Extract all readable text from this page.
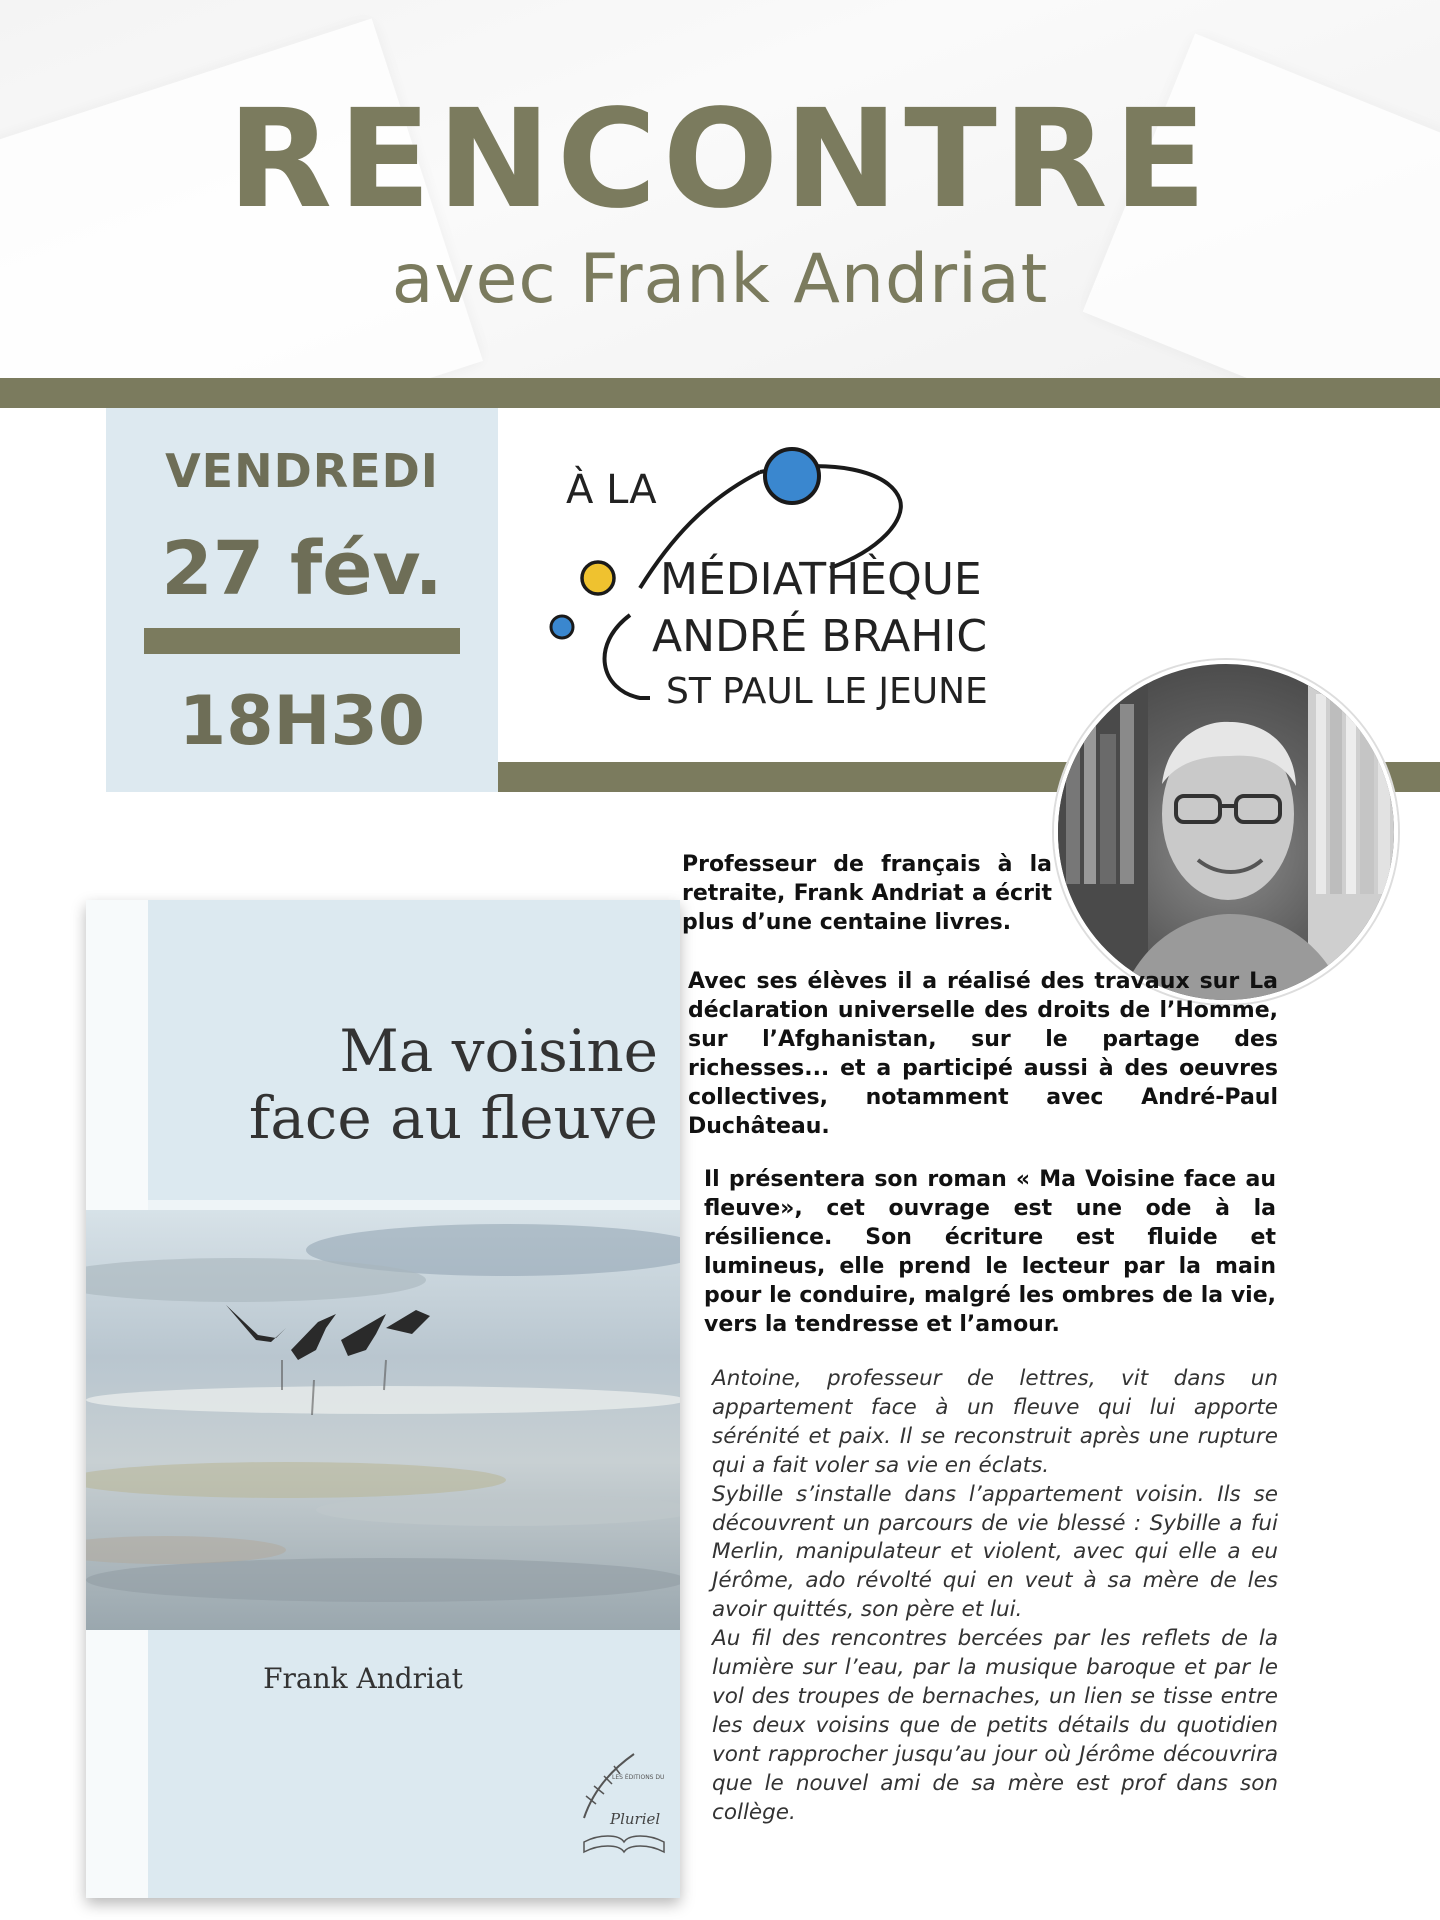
RENCONTRE
avec Frank Andriat
VENDREDI
27 fév.
18H30
À LA
MÉDIATHÈQUE
ANDRÉ BRAHIC
ST PAUL LE JEUNE
Ma voisine
face au fleuve
Frank Andriat
LES ÉDITIONS DU
Pluriel

Professeur de français à la retraite, Frank Andriat a écrit plus d’une centaine livres.

Avec ses élèves il a réalisé des travaux sur La déclaration universelle des droits de l’Homme, sur l’Afghanistan, sur le partage des richesses... et a participé aussi à des oeuvres collectives, notamment avec André-Paul Duchâteau.

Il présentera son roman « Ma Voisine face au fleuve», cet ouvrage est une ode à la résilience. Son écriture est fluide et lumineus, elle prend le lecteur par la main pour le conduire, malgré les ombres de la vie, vers la tendresse et l’amour.

Antoine, professeur de lettres, vit dans un appartement face à un fleuve qui lui apporte sérénité et paix. Il se reconstruit après une rupture qui a fait voler sa vie en éclats.
Sybille s’installe dans l’appartement voisin. Ils se découvrent un parcours de vie blessé : Sybille a fui Merlin, manipulateur et violent, avec qui elle a eu Jérôme, ado révolté qui en veut à sa mère de les avoir quittés, son père et lui.
Au fil des rencontres bercées par les reflets de la lumière sur l’eau, par la musique baroque et par le vol des troupes de bernaches, un lien se tisse entre les deux voisins que de petits détails du quotidien vont rapprocher jusqu’au jour où Jérôme découvrira que le nouvel ami de sa mère est prof dans son collège.
